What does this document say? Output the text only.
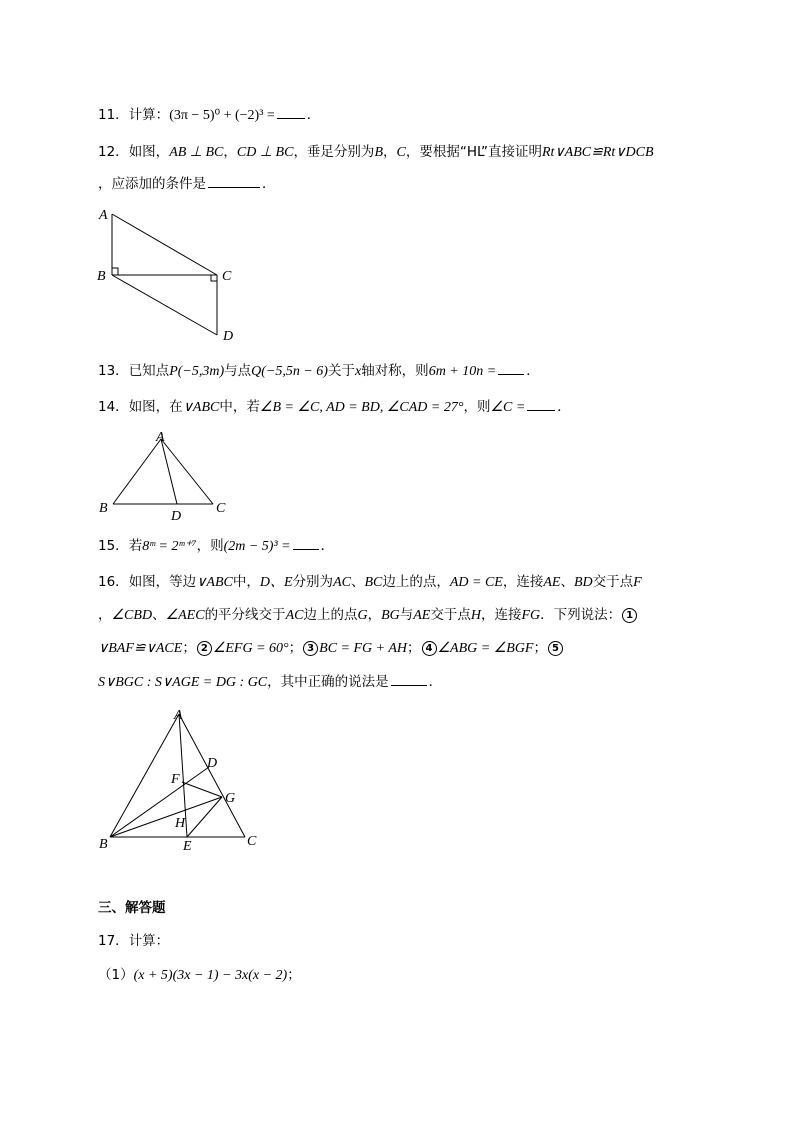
11．计算：(3π − 5)⁰ + (−2)³ = ．
12．如图，AB ⊥ BC，CD ⊥ BC，垂足分别为B，C，要根据“HL”直接证明Rt∨ABC≌Rt∨DCB
，应添加的条件是	．
A
B	C
D
13．已知点P(−5,3m)与点Q(−5,5n − 6)关于x轴对称，则6m + 10n = ．
14．如图，在∨ABC中，若∠B = ∠C, AD = BD, ∠CAD = 27°，则∠C = ．
A
B	C
D
15．若8ᵐ = 2ᵐ⁺⁷，则(2m − 5)³ = ．
16．如图，等边∨ABC中，D、E分别为AC、BC边上的点，AD = CE，连接AE、BD交于点F
，∠CBD、∠AEC的平分线交于AC边上的点G，BG与AE交于点H，连接FG．下列说法： 1
∨BAF≌∨ACE； 2 ∠EFG = 60°； 3 BC = FG + AH； 4 ∠ABG = ∠BGF； 5
S∨BGC : S∨AGE = DG : GC，其中正确的说法是	．
A
B	C
D
E
F
G
H
三、解答题
17．计算：
（1）(x + 5)(3x − 1) − 3x(x − 2)；
